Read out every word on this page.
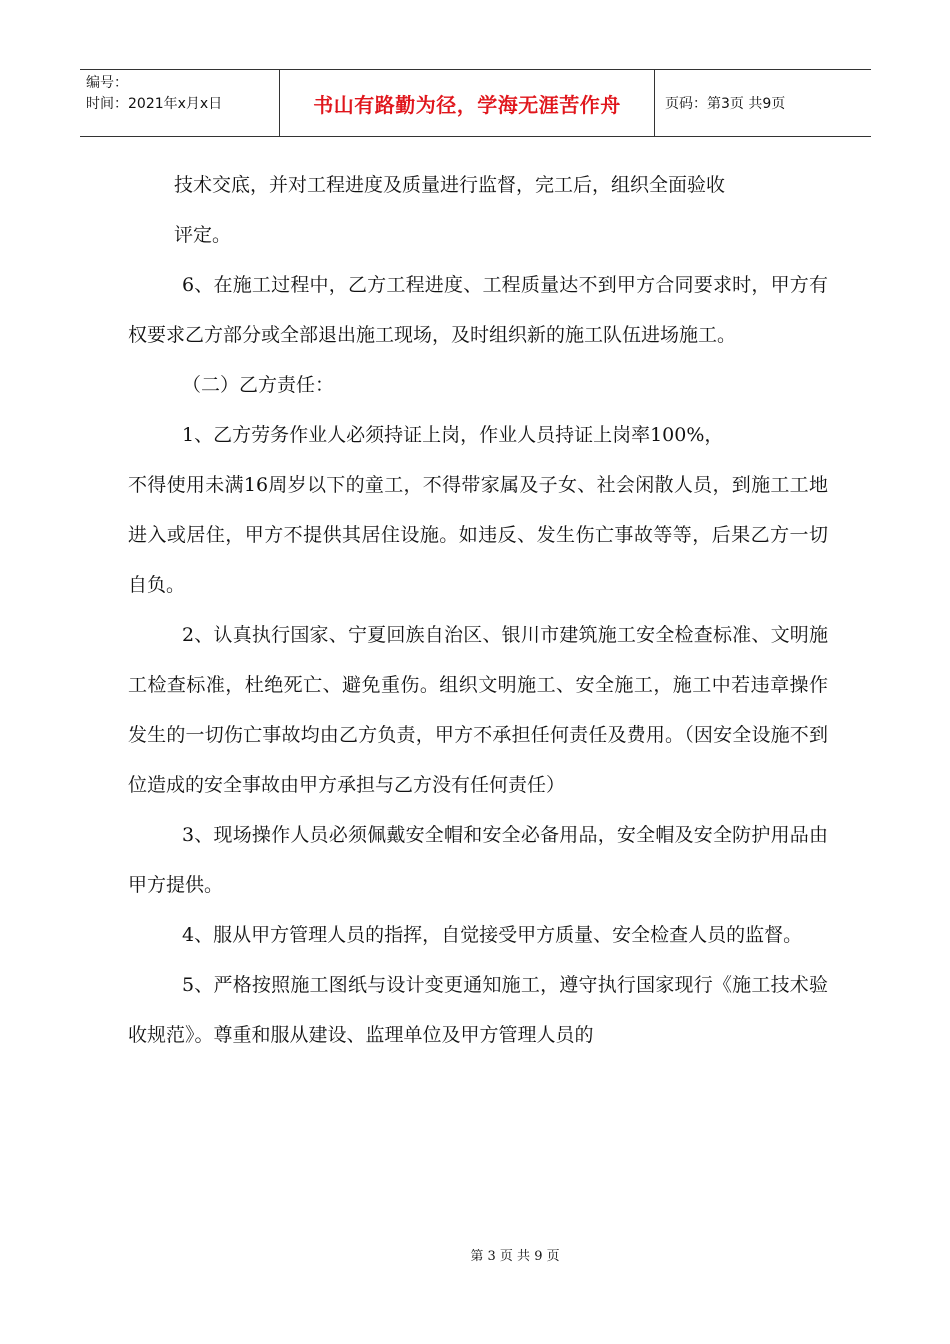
编号：
时间：2021年x月x日	书山有路勤为径，学海无涯苦作舟	页码：第3页 共9页

技术交底，并对工程进度及质量进行监督，完工后，组织全面验收

评定。

6、在施工过程中，乙方工程进度、工程质量达不到甲方合同要求时，甲方有权要求乙方部分或全部退出施工现场，及时组织新的施工队伍进场施工。

（二）乙方责任：

1、乙方劳务作业人必须持证上岗，作业人员持证上岗率100%，

不得使用未满16周岁以下的童工，不得带家属及子女、社会闲散人员，到施工工地进入或居住，甲方不提供其居住设施。如违反、发生伤亡事故等等，后果乙方一切自负。

2、认真执行国家、宁夏回族自治区、银川市建筑施工安全检查标准、文明施工检查标准，杜绝死亡、避免重伤。组织文明施工、安全施工，施工中若违章操作发生的一切伤亡事故均由乙方负责，甲方不承担任何责任及费用。（因安全设施不到位造成的安全事故由甲方承担与乙方没有任何责任）

3、现场操作人员必须佩戴安全帽和安全必备用品，安全帽及安全防护用品由甲方提供。

4、服从甲方管理人员的指挥，自觉接受甲方质量、安全检查人员的监督。

5、严格按照施工图纸与设计变更通知施工，遵守执行国家现行《施工技术验收规范》。尊重和服从建设、监理单位及甲方管理人员的

第 3 页 共 9 页
